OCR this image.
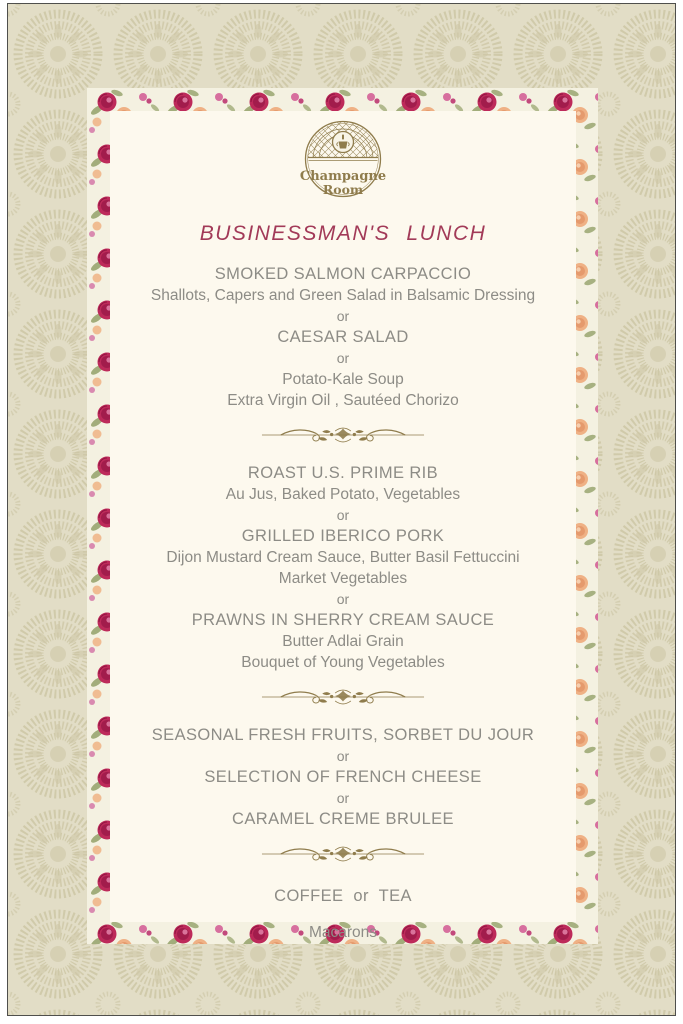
Champagne
Room
BUSINESSMAN'S LUNCH
SMOKED SALMON CARPACCIO
Shallots, Capers and Green Salad in Balsamic Dressing
or
CAESAR SALAD
or
Potato-Kale Soup
Extra Virgin Oil , Sautéed Chorizo
ROAST U.S. PRIME RIB
Au Jus, Baked Potato, Vegetables
or
GRILLED IBERICO PORK
Dijon Mustard Cream Sauce, Butter Basil Fettuccini
Market Vegetables
or
PRAWNS IN SHERRY CREAM SAUCE
Butter Adlai Grain
Bouquet of Young Vegetables
SEASONAL FRESH FRUITS, SORBET DU JOUR
or
SELECTION OF FRENCH CHEESE
or
CARAMEL CREME BRULEE
COFFEE or TEA
Macarons
